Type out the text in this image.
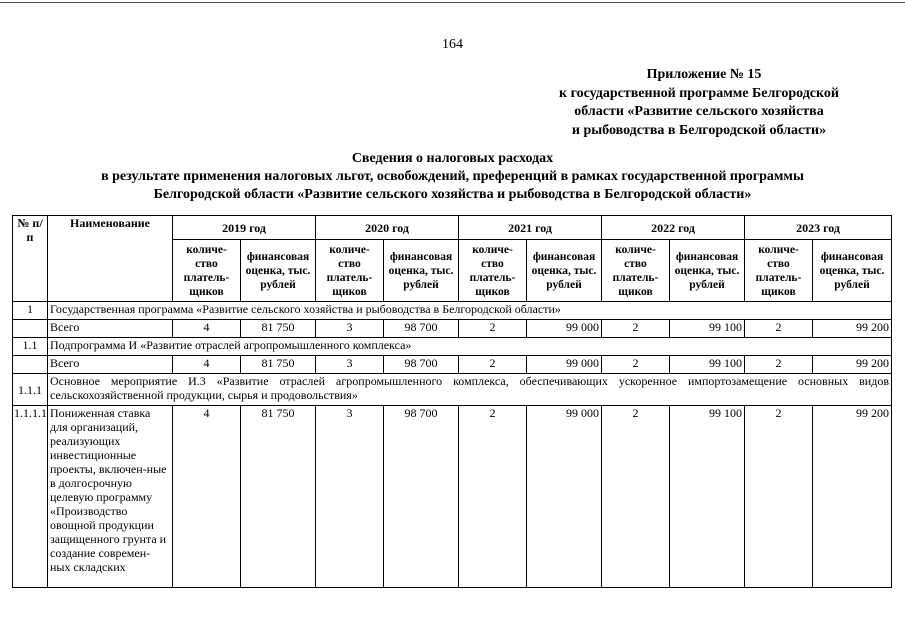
164
Приложение № 15
к государственной программе Белгородской
области «Развитие сельского хозяйства
и рыбоводства в Белгородской области»
Сведения о налоговых расходах
в результате применения налоговых льгот, освобождений, преференций в рамках государственной программы
Белгородской области «Развитие сельского хозяйства и рыбоводства в Белгородской области»
№ п/п	Наименование	2019 год		2020 год		2021 год		2022 год		2023 год	
		количе-ство платель-щиков	финансовая оценка, тыс. рублей	количе-ство платель-щиков	финансовая оценка, тыс. рублей	количе-ство платель-щиков	финансовая оценка, тыс. рублей	количе-ство платель-щиков	финансовая оценка, тыс. рублей	количе-ство платель-щиков	финансовая оценка, тыс. рублей
1	Государственная программа «Развитие сельского хозяйства и рыбоводства в Белгородской области»										
	Всего	4	81 750	3	98 700	2	99 000	2	99 100	2	99 200
1.1	Подпрограмма И «Развитие отраслей агропромышленного комплекса»										
	Всего	4	81 750	3	98 700	2	99 000	2	99 100	2	99 200
1.1.1	Основное мероприятие И.3 «Развитие отраслей агропромышленного комплекса, обеспечивающих ускоренное импортозамещение основных видов сельскохозяйственной продукции, сырья и продовольствия»										
1.1.1.1	Пониженная ставка для организаций, реализующих инвестиционные проекты, включен-ные в долгосрочную целевую программу «Производство овощной продукции защищенного грунта и создание современ-ных складских	4	81 750	3	98 700	2	99 000	2	99 100	2	99 200
